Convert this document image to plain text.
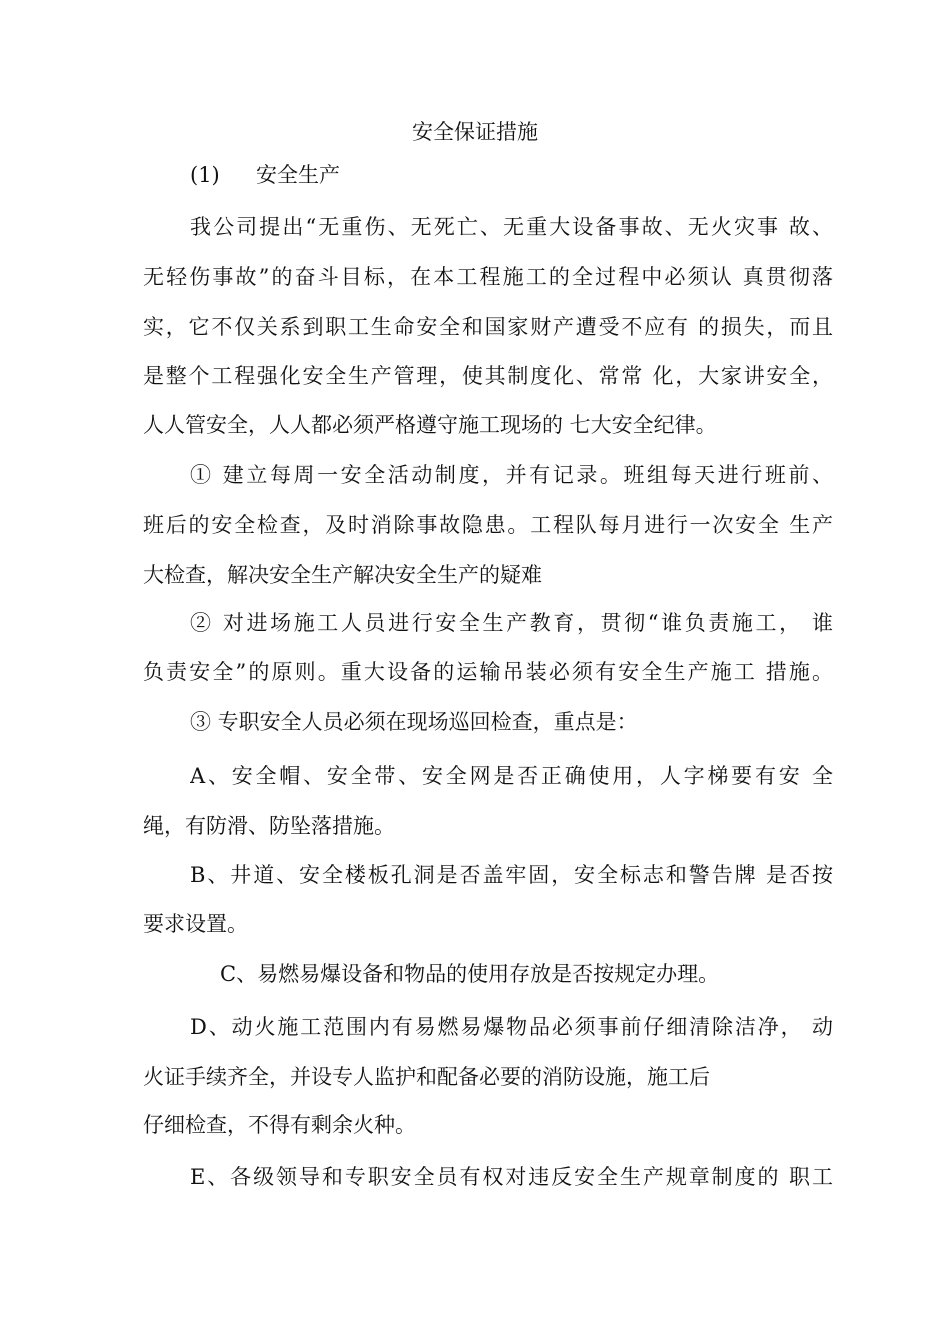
安全保证措施
(1) 安全生产
我公司提出“无重伤、无死亡、无重大设备事故、无火灾事 故、
无轻伤事故”的奋斗目标，在本工程施工的全过程中必须认 真贯彻落
实，它不仅关系到职工生命安全和国家财产遭受不应有 的损失，而且
是整个工程强化安全生产管理，使其制度化、常常 化，大家讲安全，
人人管安全，人人都必须严格遵守施工现场的 七大安全纪律。
① 建立每周一安全活动制度，并有记录。班组每天进行班前、
班后的安全检查，及时消除事故隐患。工程队每月进行一次安全 生产
大检查，解决安全生产解决安全生产的疑难
② 对进场施工人员进行安全生产教育，贯彻“谁负责施工， 谁
负责安全”的原则。重大设备的运输吊装必须有安全生产施工 措施。
③ 专职安全人员必须在现场巡回检查，重点是：
A、安全帽、安全带、安全网是否正确使用，人字梯要有安 全
绳，有防滑、防坠落措施。
B、井道、安全楼板孔洞是否盖牢固，安全标志和警告牌 是否按
要求设置。
C、易燃易爆设备和物品的使用存放是否按规定办理。
D、动火施工范围内有易燃易爆物品必须事前仔细清除洁净， 动
火证手续齐全，并设专人监护和配备必要的消防设施，施工后
仔细检查，不得有剩余火种。
E、各级领导和专职安全员有权对违反安全生产规章制度的 职工
